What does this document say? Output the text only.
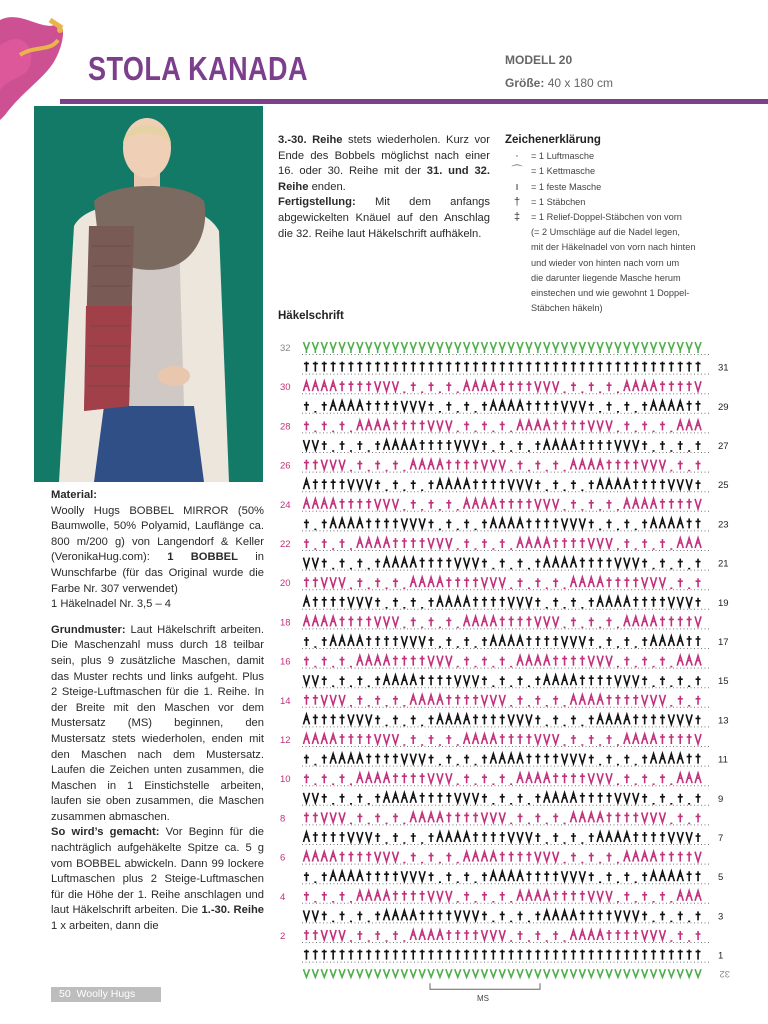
STOLA KANADA	MODELL 20
Größe: 40 x 180 cm

Material:

Woolly Hugs BOBBEL MIRROR (50% Baumwolle, 50% Polyamid, Lauflänge ca. 800 m/200 g) von Langendorf & Keller (VeronikaHug.com): 1 BOBBEL in Wunschfarbe (für das Original wurde die Farbe Nr. 307 verwendet)

1 Häkelnadel Nr. 3,5 – 4

Grundmuster: Laut Häkelschrift arbeiten. Die Maschenzahl muss durch 18 teilbar sein, plus 9 zusätzliche Maschen, damit das Muster rechts und links aufgeht. Plus 2 Steige-Luftmaschen für die 1. Reihe. In der Breite mit den Maschen vor dem Mustersatz (MS) beginnen, den Mustersatz stets wiederholen, enden mit den Maschen nach dem Mustersatz. Laufen die Zeichen unten zusammen, die Maschen in 1 Einstichstelle arbeiten, laufen sie oben zusammen, die Maschen zusammen abmaschen.

So wird’s gemacht: Vor Beginn für die nachträglich aufgehäkelte Spitze ca. 5 g vom BOBBEL abwickeln. Dann 99 lockere Luftmaschen plus 2 Steige-Luftmaschen für die Höhe der 1. Reihe anschlagen und laut Häkelschrift arbeiten. Die 1.-30. Reihe 1 x arbeiten, dann die

3.-30. Reihe stets wiederholen. Kurz vor Ende des Bobbels möglichst nach einer 16. oder 30. Reihe mit der 31. und 32. Reihe enden.

Fertigstellung: Mit dem anfangs abgewickelten Knäuel auf den Anschlag die 32. Reihe laut Häkelschrift aufhäkeln.

Zeichenerklärung
·	= 1 Luftmasche
⌒ = 1 Kettmasche
ı	= 1 feste Masche
†	= 1 Stäbchen
‡	= 1 Relief-Doppel-Stäbchen von vorn
(= 2 Umschläge auf die Nadel legen,
mit der Häkelnadel von vorn nach hinten
und wieder von hinten nach vorn um
die darunter liegende Masche herum
einstechen und wie gewohnt 1 Doppel-
Stäbchen häkeln)
Häkelschrift
32
30
28
26
24
22
20
18
16
14
12
10
8
6
4
2
31
29
27
25
23
21
19
17
15
13
11
9
7
5
3
1
32
MS
50 Woolly Hugs
